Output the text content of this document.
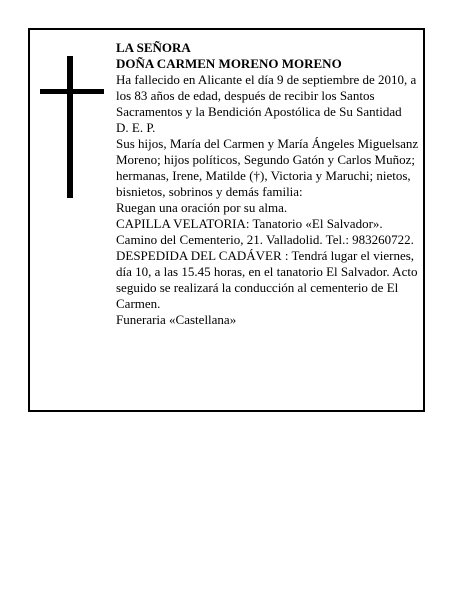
LA SEÑORA

DOÑA CARMEN MORENO MORENO

Ha fallecido en Alicante el día 9 de septiembre de 2010, a los 83 años de edad, después de recibir los Santos Sacramentos y la Bendición Apostólica de Su Santidad

D. E. P.

Sus hijos, María del Carmen y María Ángeles Miguelsanz Moreno; hijos políticos, Segundo Gatón y Carlos Muñoz; hermanas, Irene, Matilde (†), Victoria y Maruchi; nietos, bisnietos, sobrinos y demás familia:

Ruegan una oración por su alma.

CAPILLA VELATORIA: Tanatorio «El Salvador». Camino del Cementerio, 21. Valladolid. Tel.: 983260722.

DESPEDIDA DEL CADÁVER : Tendrá lugar el viernes, día 10, a las 15.45 horas, en el tanatorio El Salvador. Acto seguido se realizará la conducción al cementerio de El Carmen.

Funeraria «Castellana»
